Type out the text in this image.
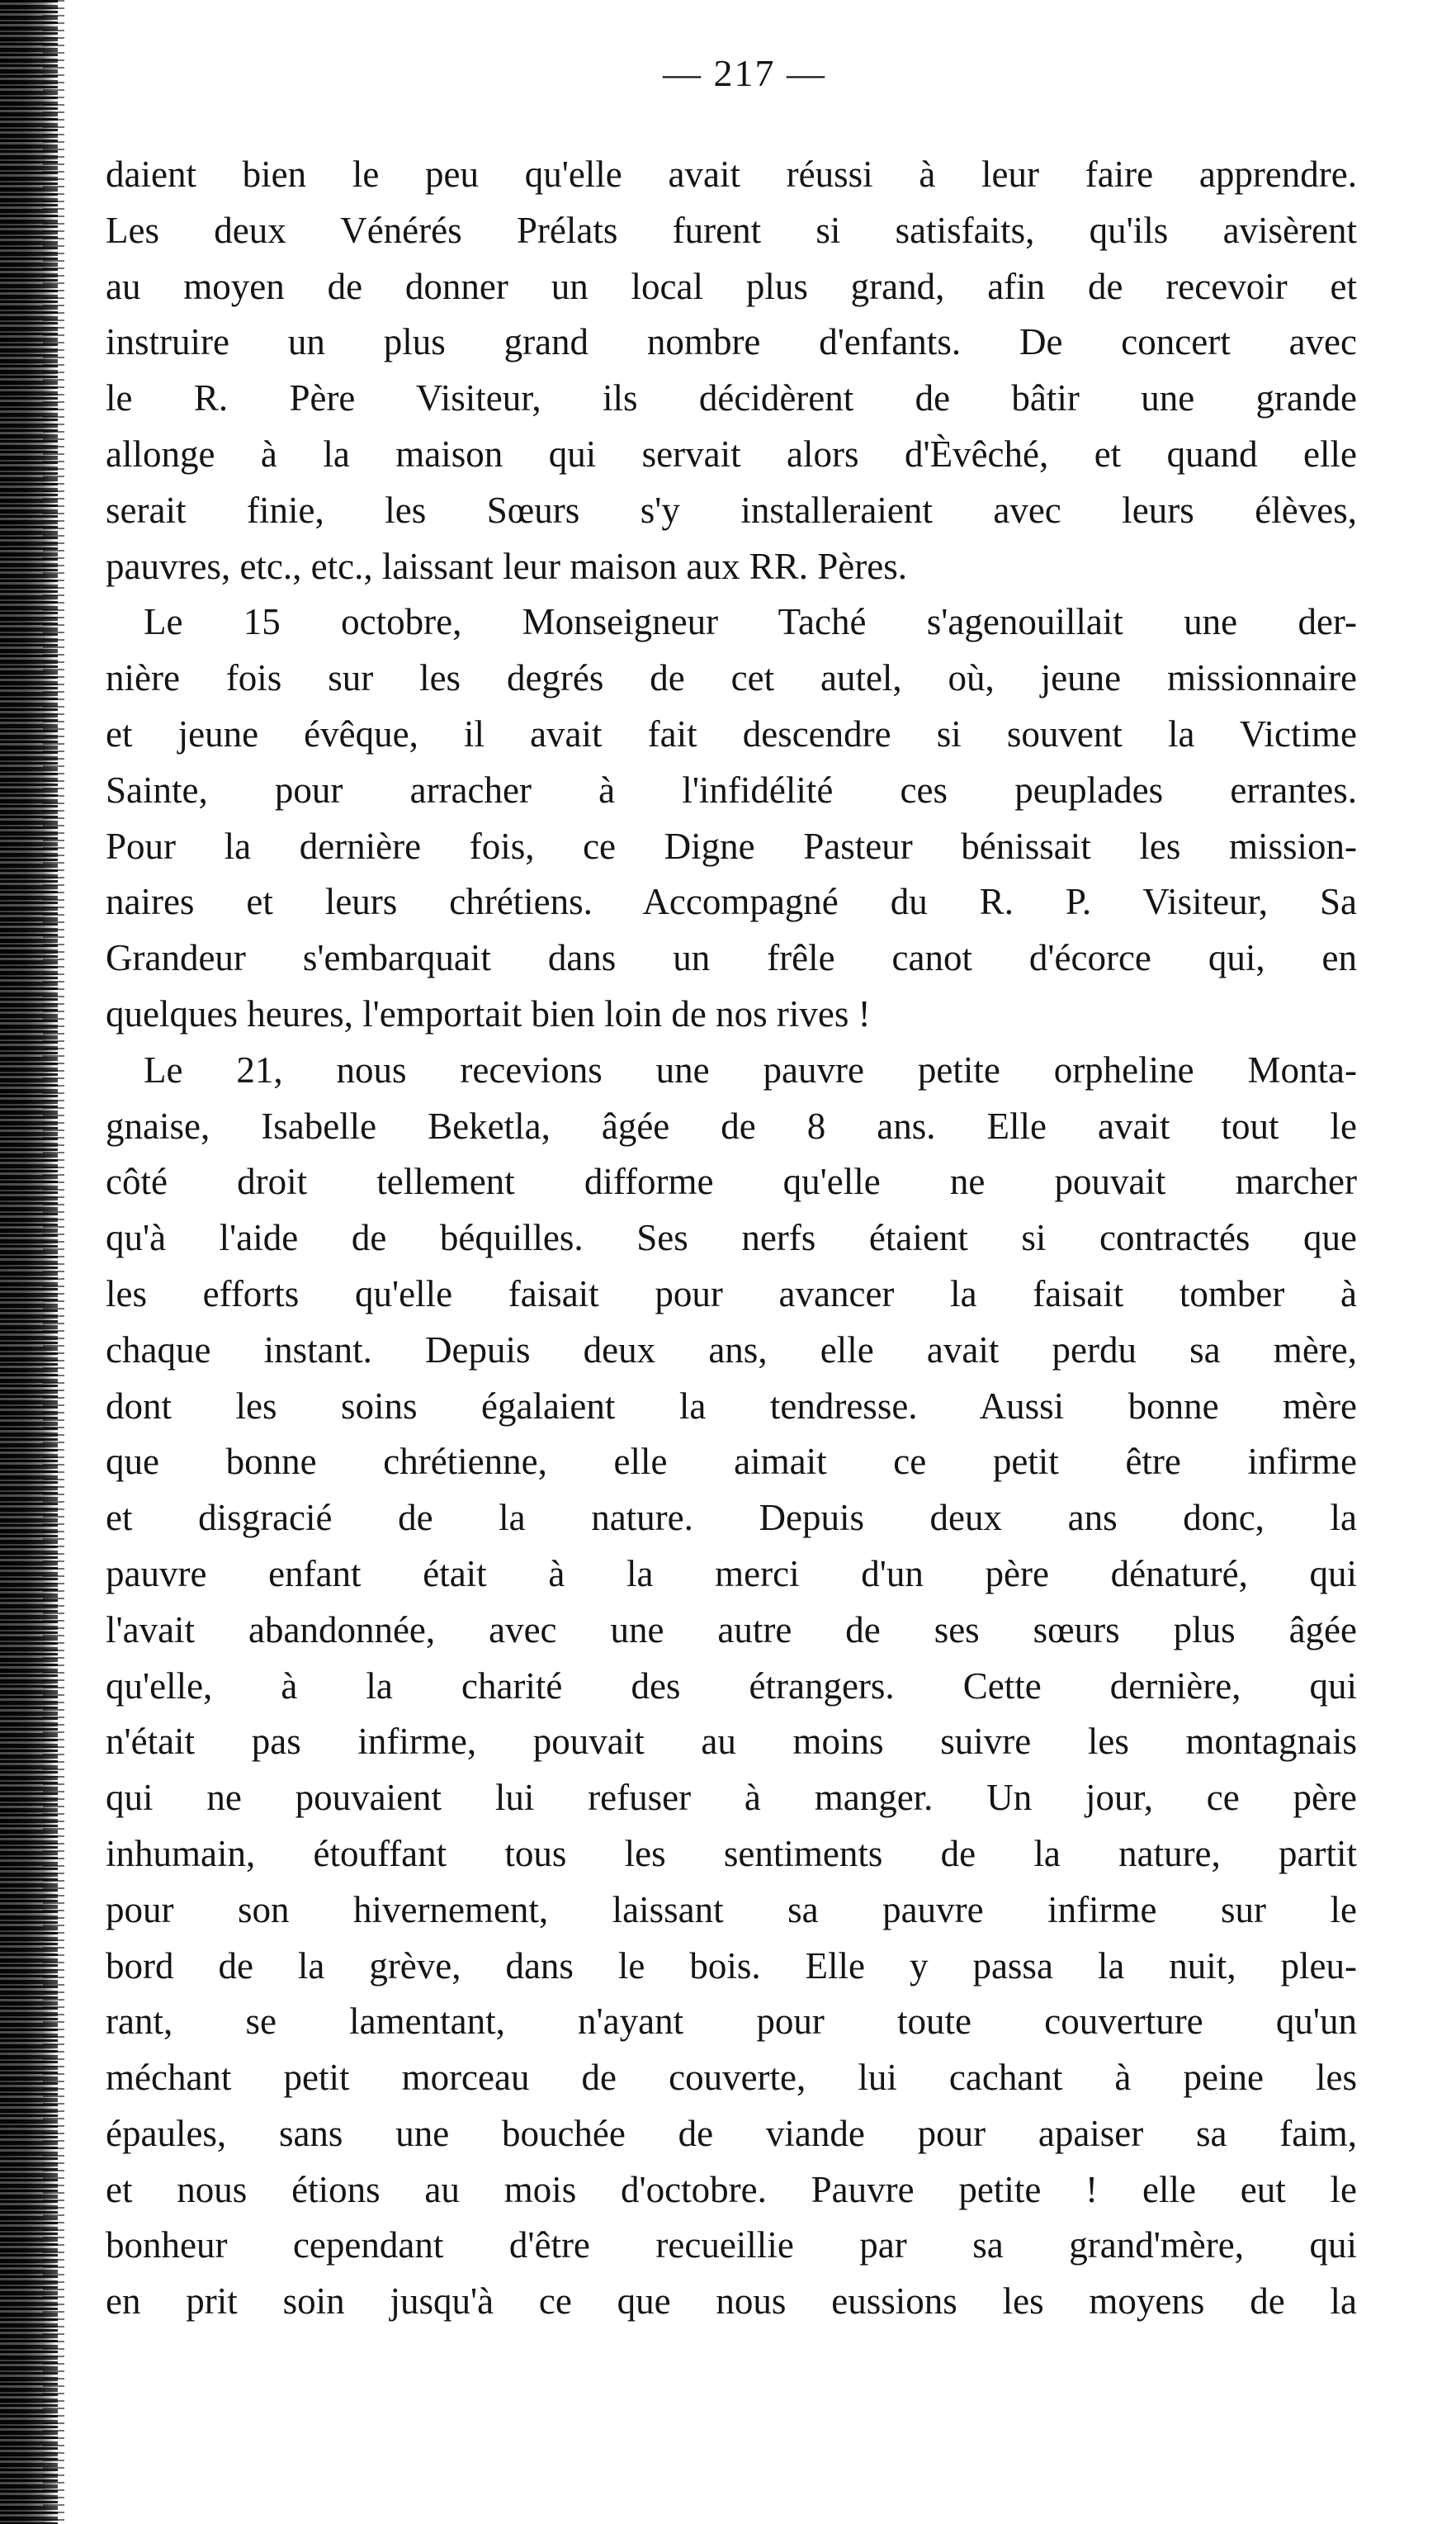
— 217 —
daient bien le peu qu'elle avait réussi à leur faire apprendre.
Les deux Vénérés Prélats furent si satisfaits, qu'ils avisèrent
au moyen de donner un local plus grand, afin de recevoir et
instruire un plus grand nombre d'enfants. De concert avec
le R. Père Visiteur, ils décidèrent de bâtir une grande
allonge à la maison qui servait alors d'Èvêché, et quand elle
serait finie, les Sœurs s'y installeraient avec leurs élèves,
pauvres, etc., etc., laissant leur maison aux RR. Pères.
Le 15 octobre, Monseigneur Taché s'agenouillait une der-
nière fois sur les degrés de cet autel, où, jeune missionnaire
et jeune évêque, il avait fait descendre si souvent la Victime
Sainte, pour arracher à l'infidélité ces peuplades errantes.
Pour la dernière fois, ce Digne Pasteur bénissait les mission-
naires et leurs chrétiens. Accompagné du R. P. Visiteur, Sa
Grandeur s'embarquait dans un frêle canot d'écorce qui, en
quelques heures, l'emportait bien loin de nos rives !
Le 21, nous recevions une pauvre petite orpheline Monta-
gnaise, Isabelle Beketla, âgée de 8 ans. Elle avait tout le
côté droit tellement difforme qu'elle ne pouvait marcher
qu'à l'aide de béquilles. Ses nerfs étaient si contractés que
les efforts qu'elle faisait pour avancer la faisait tomber à
chaque instant. Depuis deux ans, elle avait perdu sa mère,
dont les soins égalaient la tendresse. Aussi bonne mère
que bonne chrétienne, elle aimait ce petit être infirme
et disgracié de la nature. Depuis deux ans donc, la
pauvre enfant était à la merci d'un père dénaturé, qui
l'avait abandonnée, avec une autre de ses sœurs plus âgée
qu'elle, à la charité des étrangers. Cette dernière, qui
n'était pas infirme, pouvait au moins suivre les montagnais
qui ne pouvaient lui refuser à manger. Un jour, ce père
inhumain, étouffant tous les sentiments de la nature, partit
pour son hivernement, laissant sa pauvre infirme sur le
bord de la grève, dans le bois. Elle y passa la nuit, pleu-
rant, se lamentant, n'ayant pour toute couverture qu'un
méchant petit morceau de couverte, lui cachant à peine les
épaules, sans une bouchée de viande pour apaiser sa faim,
et nous étions au mois d'octobre. Pauvre petite ! elle eut le
bonheur cependant d'être recueillie par sa grand'mère, qui
en prit soin jusqu'à ce que nous eussions les moyens de la
